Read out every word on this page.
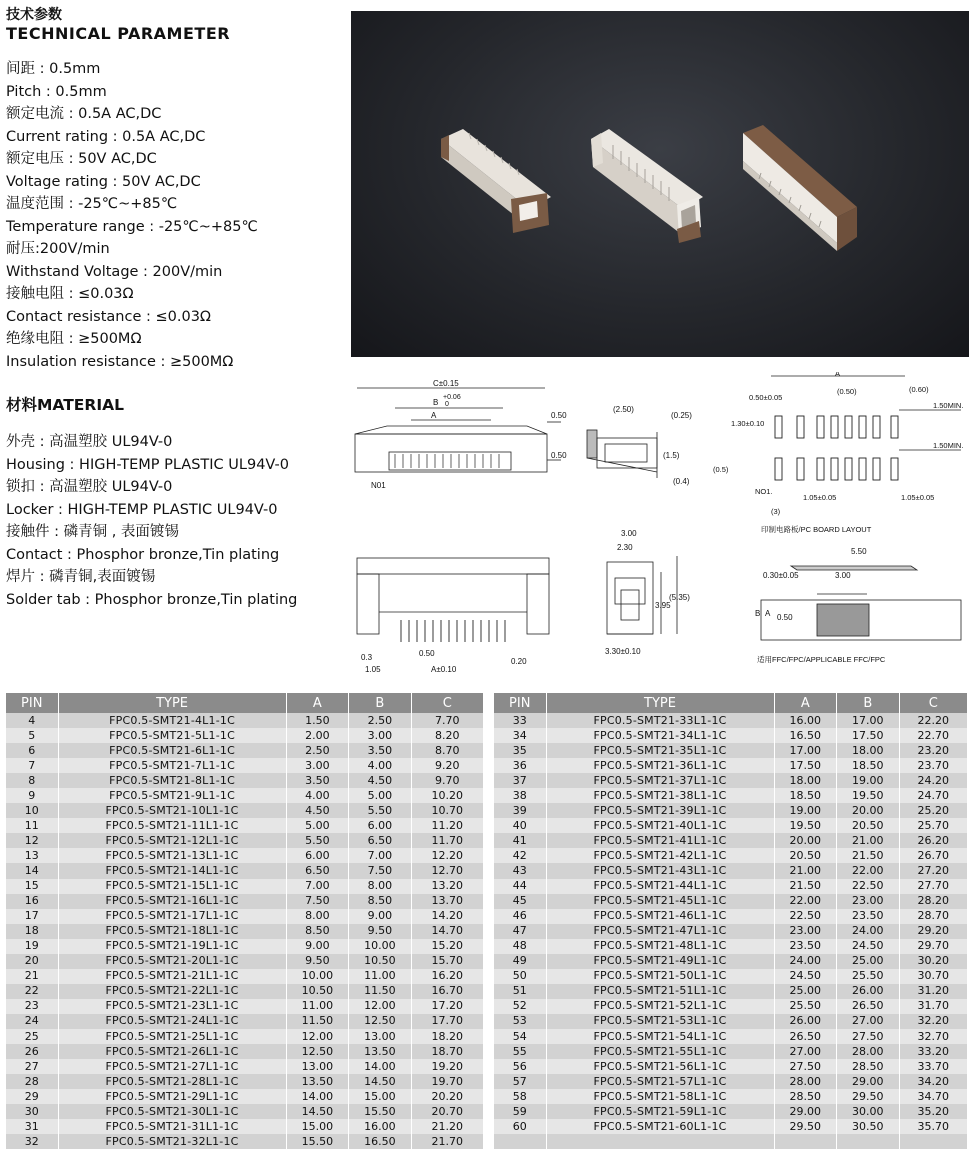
技术参数
TECHNICAL PARAMETER
间距 : 0.5mm
Pitch : 0.5mm
额定电流 : 0.5A AC,DC
Current rating : 0.5A AC,DC
额定电压 : 50V AC,DC
Voltage rating : 50V AC,DC
温度范围 : -25℃~+85℃
Temperature range : -25℃~+85℃
耐压:200V/min
Withstand Voltage : 200V/min
接触电阻 : ≤0.03Ω
Contact resistance : ≤0.03Ω
绝缘电阻 : ≥500MΩ
Insulation resistance : ≥500MΩ
材料MATERIAL
外壳 : 高温塑胶 UL94V-0
Housing : HIGH-TEMP PLASTIC UL94V-0
锁扣 : 高温塑胶 UL94V-0
Locker : HIGH-TEMP PLASTIC UL94V-0
接触件 : 磷青铜 , 表面镀锡
Contact : Phosphor bronze,Tin plating
焊片 : 磷青铜,表面镀锡
Solder tab : Phosphor bronze,Tin plating
C±0.15
B
+0.06
0
A	0.50
0.50
N01
(2.50)
(0.25)
(1.5)
(0.4)
A
0.50±0.05
(0.50)	(0.60)
1.30±0.10
1.50MIN.
1.50MIN.
(0.5)
NO1.
1.05±0.05	1.05±0.05
(3)
印制电路板/PC BOARD LAYOUT
0.3	0.50
0.20
1.05	A±0.10
3.00
2.30
3.95
(5.35)
3.30±0.10
5.50
0.30±0.05	3.00
0.50
B A
适用FFC/FPC/APPLICABLE FFC/FPC
PIN	TYPE	A	B	C
4	FPC0.5-SMT21-4L1-1C	1.50	2.50	7.70
5	FPC0.5-SMT21-5L1-1C	2.00	3.00	8.20
6	FPC0.5-SMT21-6L1-1C	2.50	3.50	8.70
7	FPC0.5-SMT21-7L1-1C	3.00	4.00	9.20
8	FPC0.5-SMT21-8L1-1C	3.50	4.50	9.70
9	FPC0.5-SMT21-9L1-1C	4.00	5.00	10.20
10	FPC0.5-SMT21-10L1-1C	4.50	5.50	10.70
11	FPC0.5-SMT21-11L1-1C	5.00	6.00	11.20
12	FPC0.5-SMT21-12L1-1C	5.50	6.50	11.70
13	FPC0.5-SMT21-13L1-1C	6.00	7.00	12.20
14	FPC0.5-SMT21-14L1-1C	6.50	7.50	12.70
15	FPC0.5-SMT21-15L1-1C	7.00	8.00	13.20
16	FPC0.5-SMT21-16L1-1C	7.50	8.50	13.70
17	FPC0.5-SMT21-17L1-1C	8.00	9.00	14.20
18	FPC0.5-SMT21-18L1-1C	8.50	9.50	14.70
19	FPC0.5-SMT21-19L1-1C	9.00	10.00	15.20
20	FPC0.5-SMT21-20L1-1C	9.50	10.50	15.70
21	FPC0.5-SMT21-21L1-1C	10.00	11.00	16.20
22	FPC0.5-SMT21-22L1-1C	10.50	11.50	16.70
23	FPC0.5-SMT21-23L1-1C	11.00	12.00	17.20
24	FPC0.5-SMT21-24L1-1C	11.50	12.50	17.70
25	FPC0.5-SMT21-25L1-1C	12.00	13.00	18.20
26	FPC0.5-SMT21-26L1-1C	12.50	13.50	18.70
27	FPC0.5-SMT21-27L1-1C	13.00	14.00	19.20
28	FPC0.5-SMT21-28L1-1C	13.50	14.50	19.70
29	FPC0.5-SMT21-29L1-1C	14.00	15.00	20.20
30	FPC0.5-SMT21-30L1-1C	14.50	15.50	20.70
31	FPC0.5-SMT21-31L1-1C	15.00	16.00	21.20
32	FPC0.5-SMT21-32L1-1C	15.50	16.50	21.70
PIN	TYPE	A	B	C
33	FPC0.5-SMT21-33L1-1C	16.00	17.00	22.20
34	FPC0.5-SMT21-34L1-1C	16.50	17.50	22.70
35	FPC0.5-SMT21-35L1-1C	17.00	18.00	23.20
36	FPC0.5-SMT21-36L1-1C	17.50	18.50	23.70
37	FPC0.5-SMT21-37L1-1C	18.00	19.00	24.20
38	FPC0.5-SMT21-38L1-1C	18.50	19.50	24.70
39	FPC0.5-SMT21-39L1-1C	19.00	20.00	25.20
40	FPC0.5-SMT21-40L1-1C	19.50	20.50	25.70
41	FPC0.5-SMT21-41L1-1C	20.00	21.00	26.20
42	FPC0.5-SMT21-42L1-1C	20.50	21.50	26.70
43	FPC0.5-SMT21-43L1-1C	21.00	22.00	27.20
44	FPC0.5-SMT21-44L1-1C	21.50	22.50	27.70
45	FPC0.5-SMT21-45L1-1C	22.00	23.00	28.20
46	FPC0.5-SMT21-46L1-1C	22.50	23.50	28.70
47	FPC0.5-SMT21-47L1-1C	23.00	24.00	29.20
48	FPC0.5-SMT21-48L1-1C	23.50	24.50	29.70
49	FPC0.5-SMT21-49L1-1C	24.00	25.00	30.20
50	FPC0.5-SMT21-50L1-1C	24.50	25.50	30.70
51	FPC0.5-SMT21-51L1-1C	25.00	26.00	31.20
52	FPC0.5-SMT21-52L1-1C	25.50	26.50	31.70
53	FPC0.5-SMT21-53L1-1C	26.00	27.00	32.20
54	FPC0.5-SMT21-54L1-1C	26.50	27.50	32.70
55	FPC0.5-SMT21-55L1-1C	27.00	28.00	33.20
56	FPC0.5-SMT21-56L1-1C	27.50	28.50	33.70
57	FPC0.5-SMT21-57L1-1C	28.00	29.00	34.20
58	FPC0.5-SMT21-58L1-1C	28.50	29.50	34.70
59	FPC0.5-SMT21-59L1-1C	29.00	30.00	35.20
60	FPC0.5-SMT21-60L1-1C	29.50	30.50	35.70
